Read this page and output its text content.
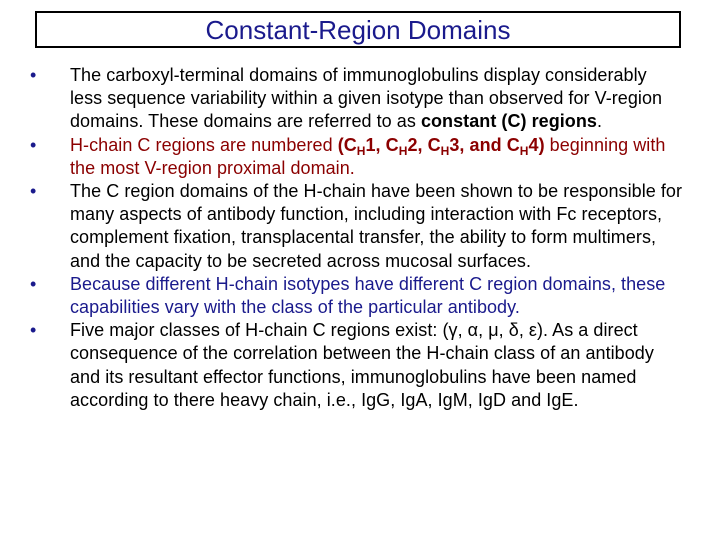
Constant-Region Domains
•	The carboxyl-terminal domains of immunoglobulins display considerably less sequence variability within a given isotype than observed for V-region domains. These domains are referred to as constant (C) regions.
•	H-chain C regions are numbered ($C_H1$, $C_H2$, $C_H3$, and $C_H4$) beginning with the most V-region proximal domain.
•	The C region domains of the H-chain have been shown to be responsible for many aspects of antibody function, including interaction with Fc receptors, complement fixation, transplacental transfer, the ability to form multimers, and the capacity to be secreted across mucosal surfaces.
•	Because different H-chain isotypes have different C region domains, these capabilities vary with the class of the particular antibody.
•	Five major classes of H-chain C regions exist: (γ, α, μ, δ, ε). As a direct consequence of the correlation between the H-chain class of an antibody and its resultant effector functions, immunoglobulins have been named according to there heavy chain, i.e., IgG, IgA, IgM, IgD and IgE.
